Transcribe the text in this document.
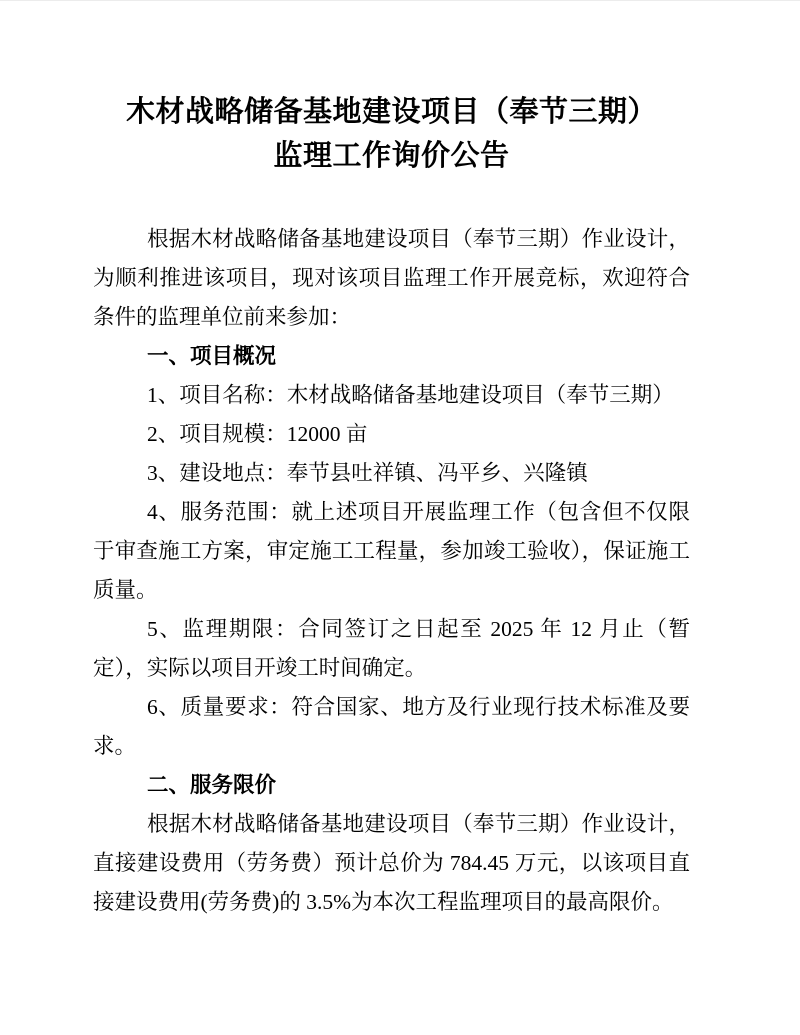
木材战略储备基地建设项目（奉节三期）
监理工作询价公告

根据木材战略储备基地建设项目（奉节三期）作业设计，为顺利推进该项目，现对该项目监理工作开展竞标，欢迎符合条件的监理单位前来参加：

一、项目概况

1、项目名称：木材战略储备基地建设项目（奉节三期）

2、项目规模：12000 亩

3、建设地点：奉节县吐祥镇、冯平乡、兴隆镇

4、服务范围：就上述项目开展监理工作（包含但不仅限于审查施工方案，审定施工工程量，参加竣工验收），保证施工质量。

5、监理期限：合同签订之日起至 2025 年 12 月止（暂定），实际以项目开竣工时间确定。

6、质量要求：符合国家、地方及行业现行技术标准及要求。

二、服务限价

根据木材战略储备基地建设项目（奉节三期）作业设计，直接建设费用（劳务费）预计总价为 784.45 万元，以该项目直接建设费用(劳务费)的 3.5%为本次工程监理项目的最高限价。
